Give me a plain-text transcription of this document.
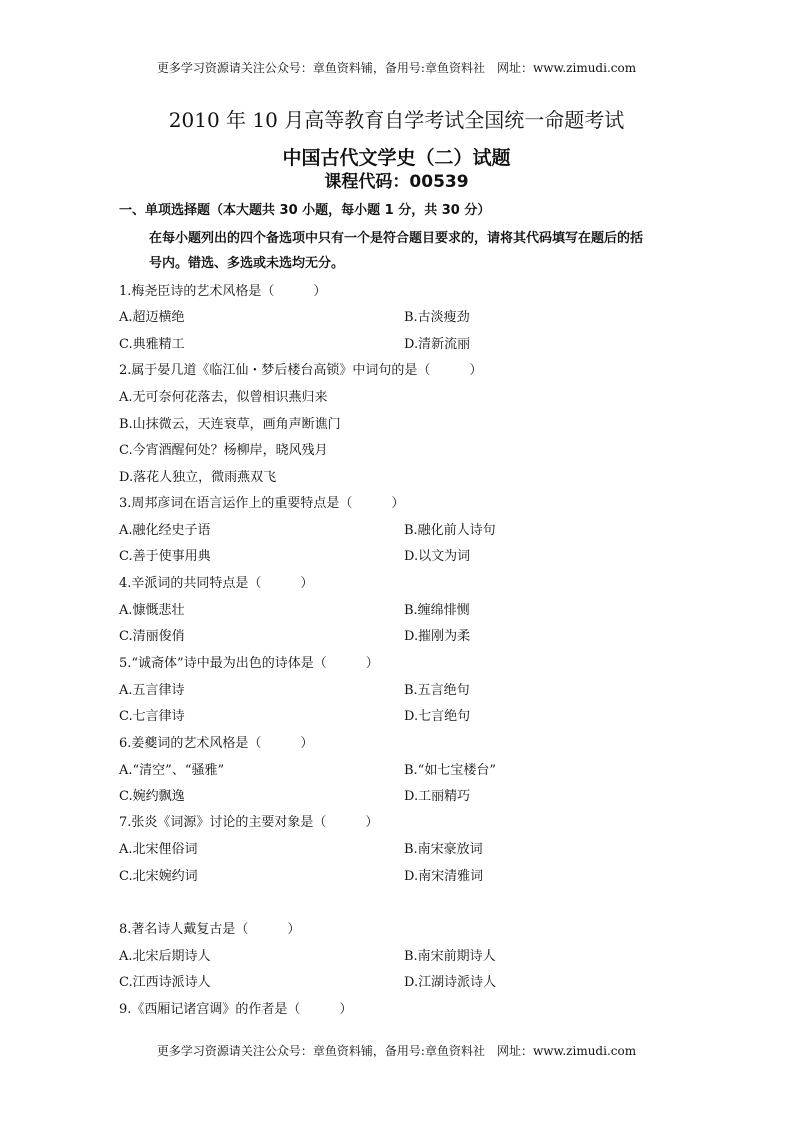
更多学习资源请关注公众号：章鱼资料铺，备用号:章鱼资料社　网址：www.zimudi.com
2010 年 10 月高等教育自学考试全国统一命题考试
中国古代文学史（二）试题
课程代码：00539
一、单项选择题（本大题共 30 小题，每小题 1 分，共 30 分）
在每小题列出的四个备选项中只有一个是符合题目要求的，请将其代码填写在题后的括
号内。错选、多选或未选均无分。
1.梅尧臣诗的艺术风格是（　　　）
A.超迈横绝	B.古淡瘦劲
C.典雅精工	D.清新流丽
2.属于晏几道《临江仙・梦后楼台高锁》中词句的是（　　　）
A.无可奈何花落去，似曾相识燕归来
B.山抹微云，天连衰草，画角声断谯门
C.今宵酒醒何处？杨柳岸，晓风残月
D.落花人独立，微雨燕双飞
3.周邦彦词在语言运作上的重要特点是（　　　）
A.融化经史子语	B.融化前人诗句
C.善于使事用典	D.以文为词
4.辛派词的共同特点是（　　　）
A.慷慨悲壮	B.缠绵悱恻
C.清丽俊俏	D.摧刚为柔
5.“诚斋体”诗中最为出色的诗体是（　　　）
A.五言律诗	B.五言绝句
C.七言律诗	D.七言绝句
6.姜夔词的艺术风格是（　　　）
A.“清空”、“骚雅”	B.“如七宝楼台”
C.婉约飘逸	D.工丽精巧
7.张炎《词源》讨论的主要对象是（　　　）
A.北宋俚俗词	B.南宋豪放词
C.北宋婉约词	D.南宋清雅词
8.著名诗人戴复古是（　　　）
A.北宋后期诗人	B.南宋前期诗人
C.江西诗派诗人	D.江湖诗派诗人
9.《西厢记诸宫调》的作者是（　　　）
更多学习资源请关注公众号：章鱼资料铺，备用号:章鱼资料社　网址：www.zimudi.com
